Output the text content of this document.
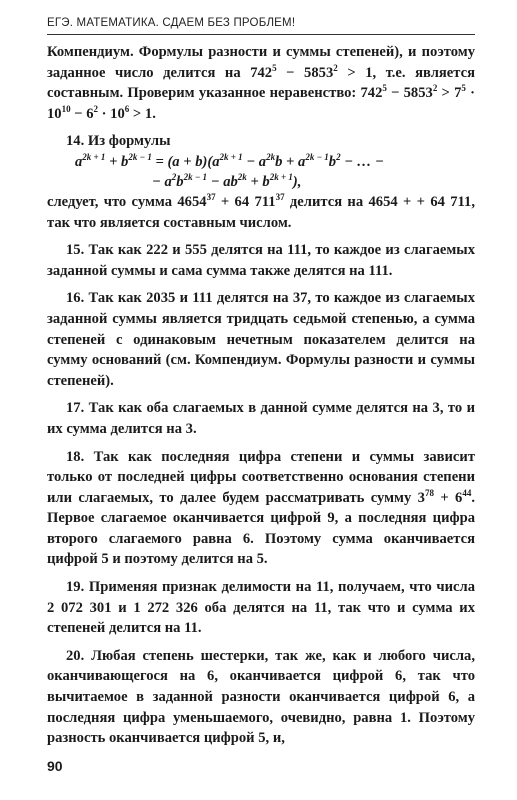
ЕГЭ. МАТЕМАТИКА. СДАЕМ БЕЗ ПРОБЛЕМ!

Компендиум. Формулы разности и суммы степеней), и поэтому заданное число делится на $742^5 - 5853^2 > 1$, т.е. является составным. Проверим указанное неравенство: $742^5 - 5853^2 > 7^5 \cdot 10^{10} - 6^2 \cdot 10^6 > 1$.

14. Из формулы

$a^{2k + 1} + b^{2k - 1} = (a + b)(a^{2k + 1} - a^{2k}b + a^{2k - 1}b^2$ − … −
− $a^2b^{2k - 1} - ab^{2k} + b^{2k + 1}$),

следует, что сумма $4654^{37} + 64$ $711^{37}$ делится на 4654 + + 64 711, так что является составным числом.

15. Так как 222 и 555 делятся на 111, то каждое из слагаемых заданной суммы и сама сумма также делятся на 111.

16. Так как 2035 и 111 делятся на 37, то каждое из слагаемых заданной суммы является тридцать седьмой степенью, а сумма степеней с одинаковым нечетным показателем делится на сумму оснований (см. Компендиум. Формулы разности и суммы степеней).

17. Так как оба слагаемых в данной сумме делятся на 3, то и их сумма делится на 3.

18. Так как последняя цифра степени и суммы зависит только от последней цифры соответственно основания степени или слагаемых, то далее будем рассматривать сумму $3^{78} + 6^{44}$. Первое слагаемое оканчивается цифрой 9, а последняя цифра второго слагаемого равна 6. Поэтому сумма оканчивается цифрой 5 и поэтому делится на 5.

19. Применяя признак делимости на 11, получаем, что числа 2 072 301 и 1 272 326 оба делятся на 11, так что и сумма их степеней делится на 11.

20. Любая степень шестерки, так же, как и любого числа, оканчивающегося на 6, оканчивается цифрой 6, так что вычитаемое в заданной разности оканчивается цифрой 6, а последняя цифра уменьшаемого, очевидно, равна 1. Поэтому разность оканчивается цифрой 5, и,

90
